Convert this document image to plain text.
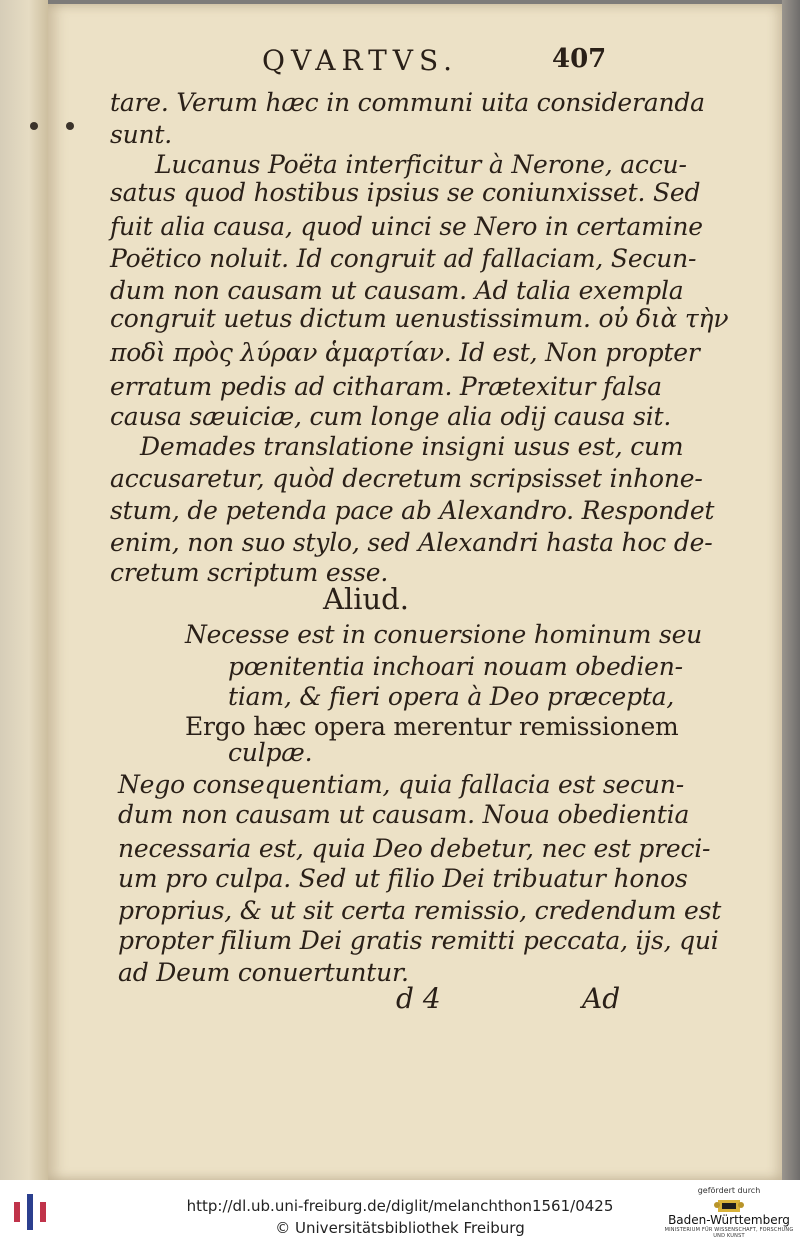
QVARTVS.	407
tare. Verum hæc in communi uita consideranda
sunt.
Lucanus Poëta interficitur à Nerone, accu-
satus quod hostibus ipsius se coniunxisset. Sed
fuit alia causa, quod uinci se Nero in certamine
Poëtico noluit. Id congruit ad fallaciam, Secun-
dum non causam ut causam. Ad talia exempla
congruit uetus dictum uenustissimum. οὐ διὰ τὴν
ποδὶ πρὸς λύραν ἁμαρτίαν. Id est, Non propter
erratum pedis ad citharam. Prætexitur falsa
causa sæuiciæ, cum longe alia odij causa sit.
Demades translatione insigni usus est, cum
accusaretur, quòd decretum scripsisset inhone-
stum, de petenda pace ab Alexandro. Respondet
enim, non suo stylo, sed Alexandri hasta hoc de-
cretum scriptum esse.
Aliud.
Necesse est in conuersione hominum seu
pœnitentia inchoari nouam obedien-
tiam, & fieri opera à Deo præcepta,
Ergo hæc opera merentur remissionem
culpæ.
Nego consequentiam, quia fallacia est secun-
dum non causam ut causam. Noua obedientia
necessaria est, quia Deo debetur, nec est preci-
um pro culpa. Sed ut filio Dei tribuatur honos
proprius, & ut sit certa remissio, credendum est
propter filium Dei gratis remitti peccata, ijs, qui
ad Deum conuertuntur.
d 4	Ad
http://dl.ub.uni-freiburg.de/diglit/melanchthon1561/0425
© Universitätsbibliothek Freiburg
gefördert durch
Baden-Württemberg
MINISTERIUM FÜR WISSENSCHAFT, FORSCHUNG UND KUNST
